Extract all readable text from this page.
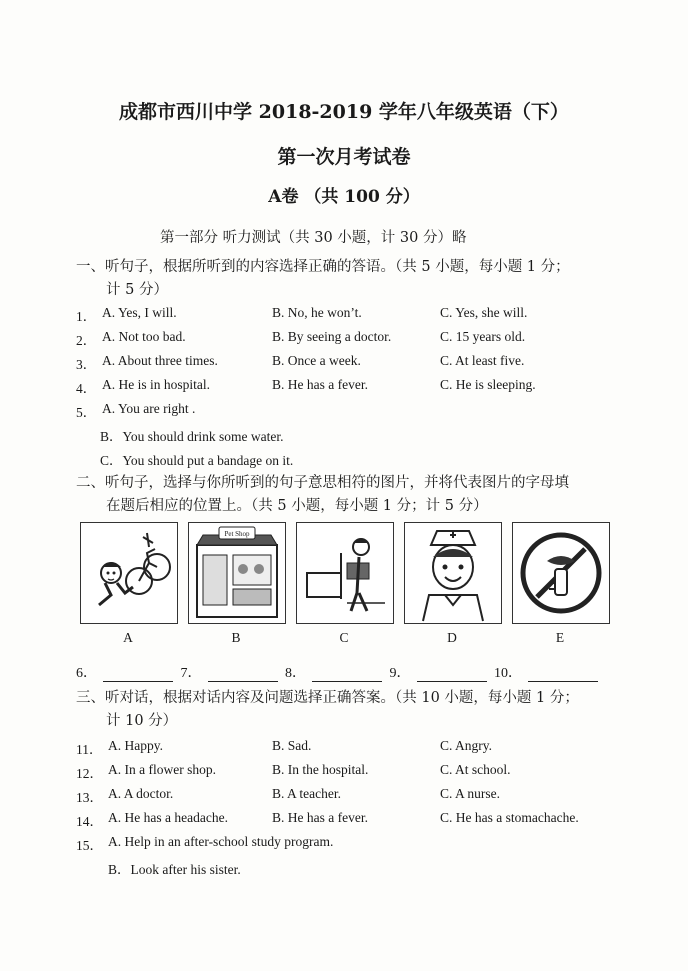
成都市西川中学 2018-2019 学年八年级英语（下）
第一次月考试卷
A卷 （共 100 分）
第一部分 听力测试（共 30 小题，计 30 分）略
一、听句子，根据所听到的内容选择正确的答语。（共 5 小题，每小题 1 分；
计 5 分）
1． A. Yes, I will.	B. No, he won’t.	C. Yes, she will.
2． A. Not too bad.	B. By seeing a doctor.	C. 15 years old.
3． A. About three times.	B. Once a week.	C. At least five.
4． A. He is in hospital.	B. He has a fever.	C. He is sleeping.
5． A. You are right .
B．You should drink some water.
C．You should put a bandage on it.
二、听句子，选择与你所听到的句子意思相符的图片，并将代表图片的字母填
在题后相应的位置上。（共 5 小题，每小题 1 分；计 5 分）
A
Pet Shop
B	C	D	E
6．	7．	8．	9．	10．
三、听对话，根据对话内容及问题选择正确答案。（共 10 小题，每小题 1 分；
计 10 分）
11． A. Happy.	B. Sad.	C. Angry.
12． A. In a flower shop.	B. In the hospital.	C. At school.
13． A. A doctor.	B. A teacher.	C. A nurse.
14． A. He has a headache.	B. He has a fever.	C. He has a stomachache.
15． A. Help in an after-school study program.
B．Look after his sister.
